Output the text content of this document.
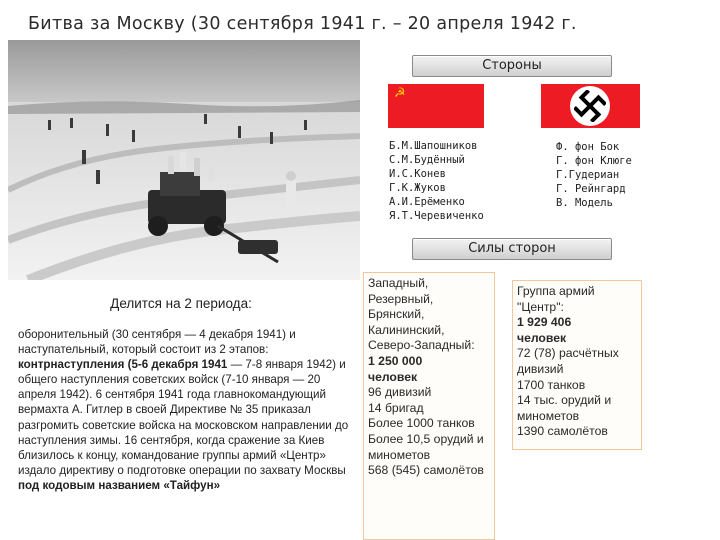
Битва за Москву (30 сентября 1941 г. – 20 апреля 1942 г.
Стороны
☭
Б.М.Шапошников
С.М.Будённый
И.С.Конев
Г.К.Жуков
А.И.Ерёменко
Я.Т.Черевиченко
Ф. фон Бок
Г. фон Клюге
Г.Гудериан
Г. Рейнгард
В. Модель
Силы сторон
Делится на 2 периода:
оборонительный (30 сентября — 4 декабря 1941) и наступательный, который состоит из 2 этапов: контрнаступления (5-6 декабря 1941 — 7-8 января 1942) и общего наступления советских войск (7-10 января — 20 апреля 1942). 6 сентября 1941 года главнокомандующий вермахта А. Гитлер в своей Директиве № 35 приказал разгромить советские войска на московском направлении до наступления зимы. 16 сентября, когда сражение за Киев близилось к концу, командование группы армий «Центр» издало директиву о подготовке операции по захвату Москвы под кодовым названием «Тайфун»
Западный,
Резервный,
Брянский,
Калининский,
Северо-Западный:
1 250 000
человек
96 дивизий
14 бригад
Более 1000 танков
Более 10,5 орудий и минометов
568 (545) самолётов
Группа армий
"Центр":
1 929 406
человек
72 (78) расчётных дивизий
1700 танков
14 тыс. орудий и минометов
1390 самолётов
